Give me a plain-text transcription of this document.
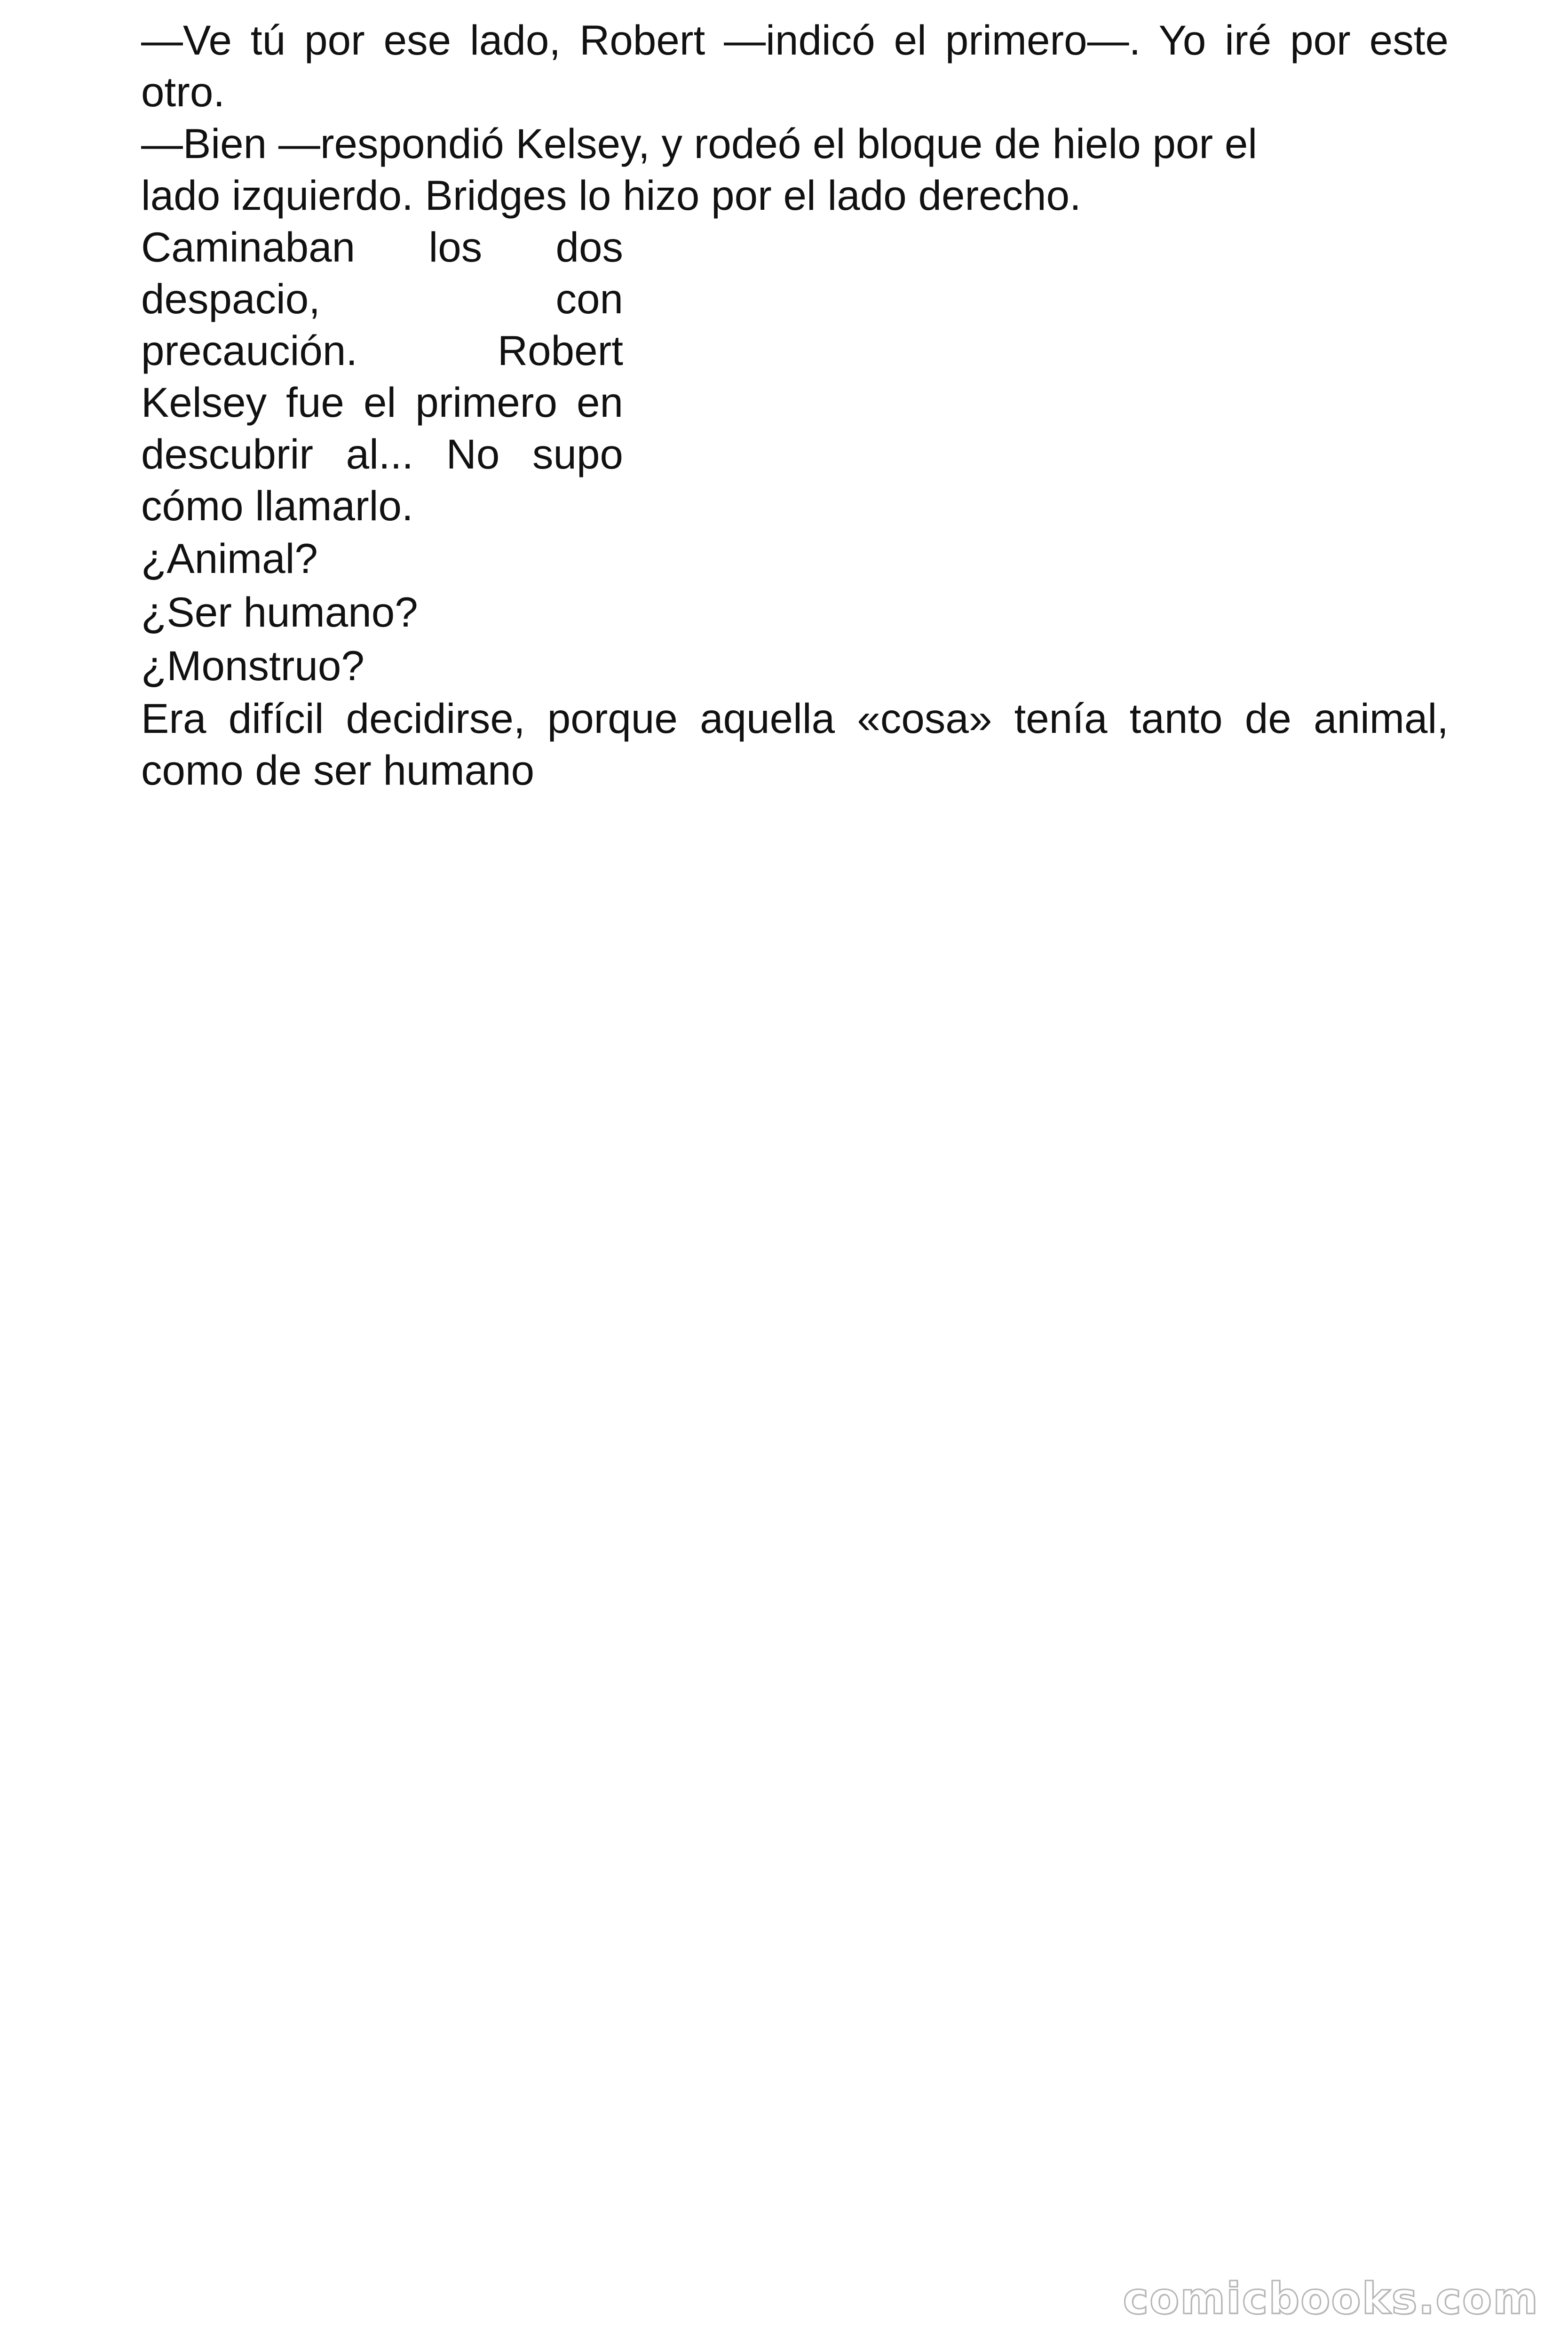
—Ve tú por ese lado, Robert —indicó el primero—. Yo iré por este otro.

—Bien —respondió Kelsey, y rodeó el bloque de hielo por el lado izquierdo. Bridges lo hizo por el lado derecho.

Caminaban los dos despacio, con precaución. Robert Kelsey fue el primero en descubrir al... No supo cómo llamarlo.

¿Animal?

¿Ser humano?

¿Monstruo?

Era difícil decidirse, porque aquella «cosa» tenía tanto de animal, como de ser humano

comicbooks.com
